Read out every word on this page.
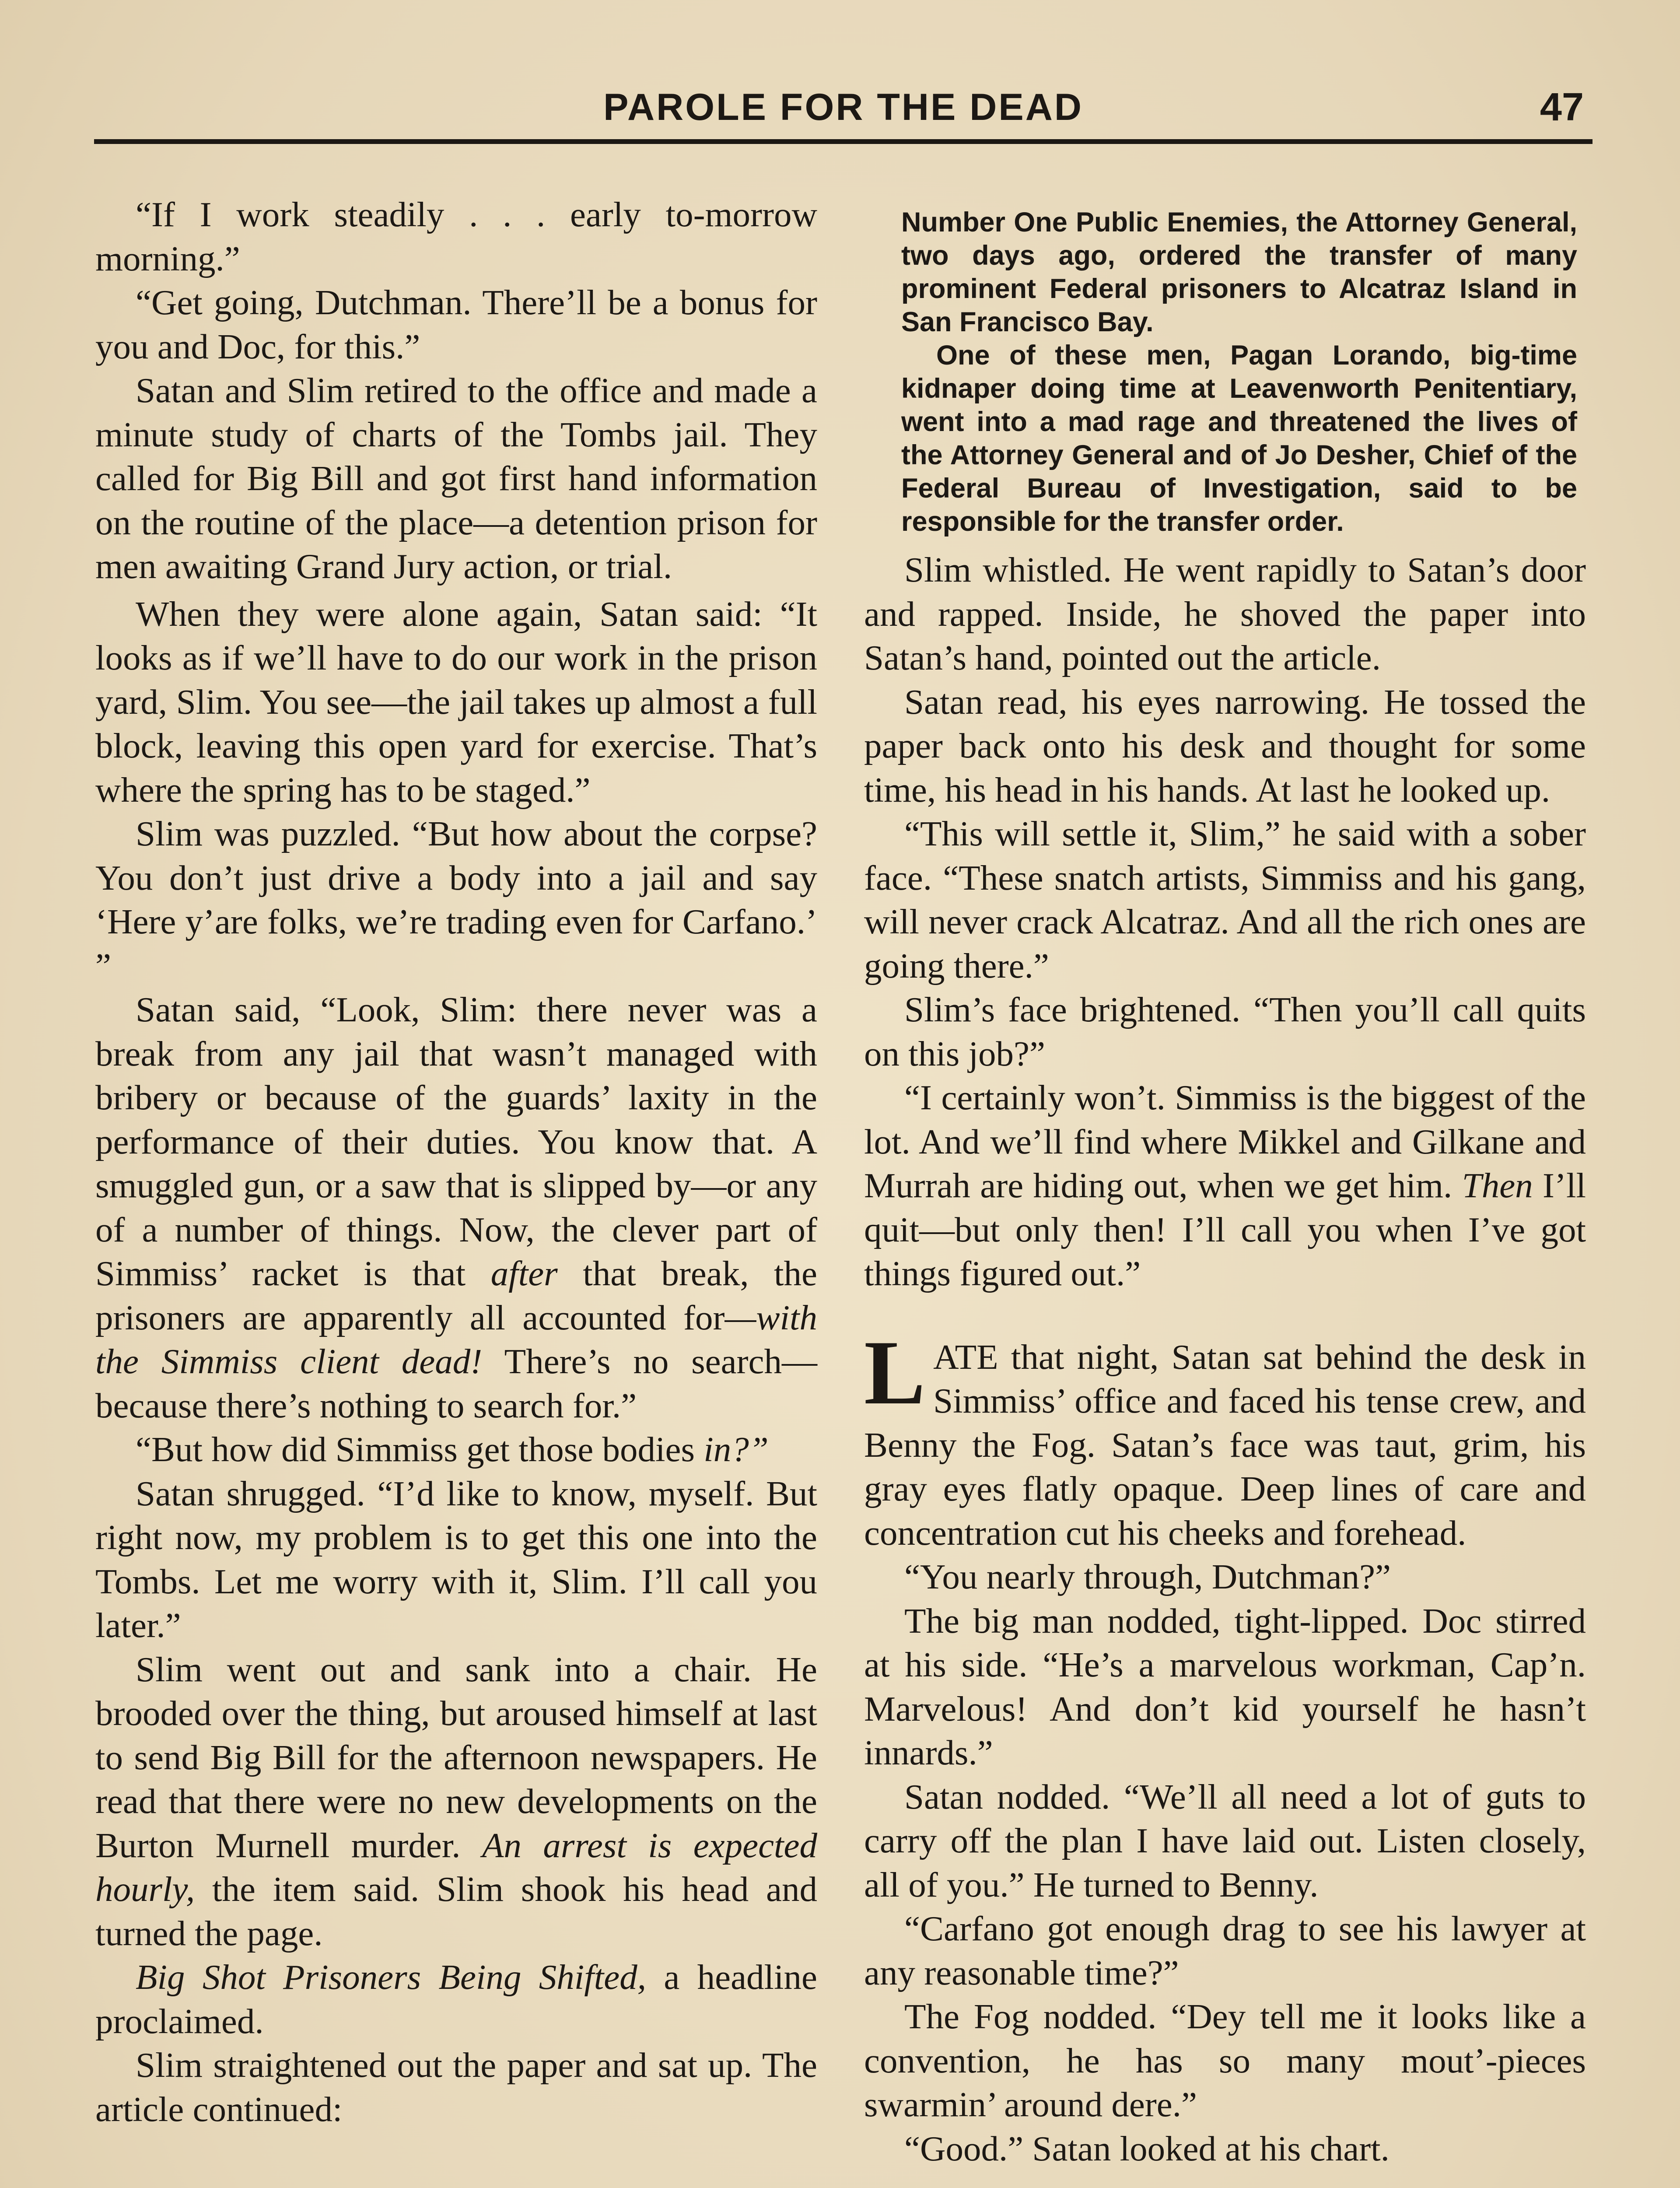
PAROLE FOR THE DEAD	47

“If I work steadily . . . early to-morrow morning.”

“Get going, Dutchman. There’ll be a bonus for you and Doc, for this.”

Satan and Slim retired to the office and made a minute study of charts of the Tombs jail. They called for Big Bill and got first hand information on the routine of the place—a detention prison for men awaiting Grand Jury action, or trial.

When they were alone again, Satan said: “It looks as if we’ll have to do our work in the prison yard, Slim. You see—the jail takes up almost a full block, leaving this open yard for exercise. That’s where the spring has to be staged.”

Slim was puzzled. “But how about the corpse? You don’t just drive a body into a jail and say ‘Here y’are folks, we’re trading even for Carfano.’ ”

Satan said, “Look, Slim: there never was a break from any jail that wasn’t managed with bribery or because of the guards’ laxity in the performance of their duties. You know that. A smuggled gun, or a saw that is slipped by—or any of a number of things. Now, the clever part of Simmiss’ racket is that after that break, the prisoners are apparently all accounted for—with the Simmiss client dead! There’s no search—because there’s nothing to search for.”

“But how did Simmiss get those bodies in?”

Satan shrugged. “I’d like to know, myself. But right now, my problem is to get this one into the Tombs. Let me worry with it, Slim. I’ll call you later.”

Slim went out and sank into a chair. He brooded over the thing, but aroused himself at last to send Big Bill for the afternoon newspapers. He read that there were no new developments on the Burton Murnell murder. An arrest is expected hourly, the item said. Slim shook his head and turned the page.

Big Shot Prisoners Being Shifted, a headline proclaimed.

Slim straightened out the paper and sat up. The article continued:

Number One Public Enemies, the Attorney General, two days ago, ordered the transfer of many prominent Federal prisoners to Alcatraz Island in San Francisco Bay.

One of these men, Pagan Lorando, big-time kidnaper doing time at Leavenworth Penitentiary, went into a mad rage and threatened the lives of the Attorney General and of Jo Desher, Chief of the Federal Bureau of Investigation, said to be responsible for the transfer order.

Slim whistled. He went rapidly to Satan’s door and rapped. Inside, he shoved the paper into Satan’s hand, pointed out the article.

Satan read, his eyes narrowing. He tossed the paper back onto his desk and thought for some time, his head in his hands. At last he looked up.

“This will settle it, Slim,” he said with a sober face. “These snatch artists, Simmiss and his gang, will never crack Alcatraz. And all the rich ones are going there.”

Slim’s face brightened. “Then you’ll call quits on this job?”

“I certainly won’t. Simmiss is the biggest of the lot. And we’ll find where Mikkel and Gilkane and Murrah are hiding out, when we get him. Then I’ll quit—but only then! I’ll call you when I’ve got things figured out.”

LATE that night, Satan sat behind the desk in Simmiss’ office and faced his tense crew, and Benny the Fog. Satan’s face was taut, grim, his gray eyes flatly opaque. Deep lines of care and concentration cut his cheeks and forehead.

“You nearly through, Dutchman?”

The big man nodded, tight-lipped. Doc stirred at his side. “He’s a marvelous workman, Cap’n. Marvelous! And don’t kid yourself he hasn’t innards.”

Satan nodded. “We’ll all need a lot of guts to carry off the plan I have laid out. Listen closely, all of you.” He turned to Benny.

“Carfano got enough drag to see his lawyer at any reasonable time?”

The Fog nodded. “Dey tell me it looks like a convention, he has so many mout’-pieces swarmin’ around dere.”

“Good.” Satan looked at his chart.
